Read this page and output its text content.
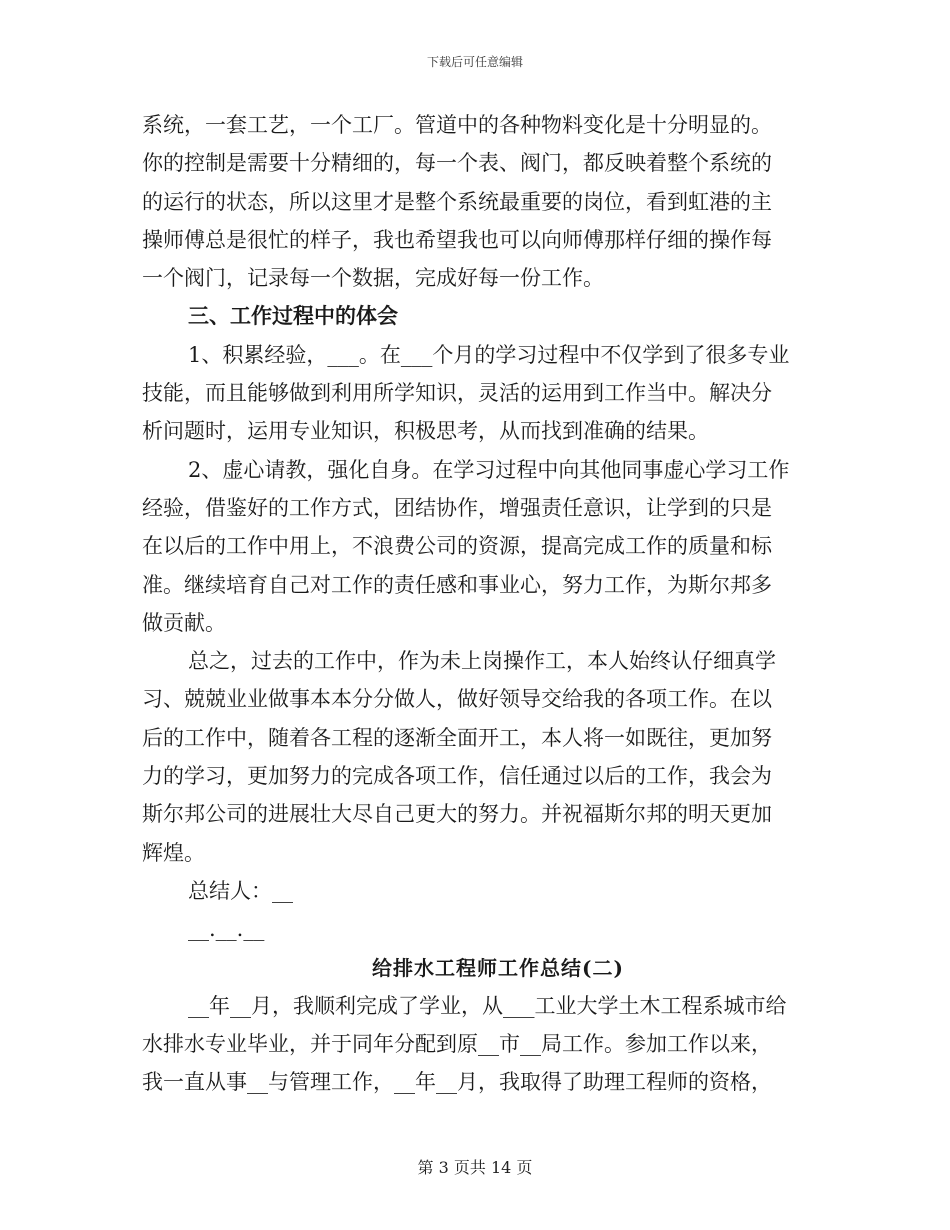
下载后可任意编辑
系统，一套工艺，一个工厂。管道中的各种物料变化是十分明显的。
你的控制是需要十分精细的，每一个表、阀门，都反映着整个系统的
的运行的状态，所以这里才是整个系统最重要的岗位，看到虹港的主
操师傅总是很忙的样子，我也希望我也可以向师傅那样仔细的操作每
一个阀门，记录每一个数据，完成好每一份工作。
三、工作过程中的体会
1、积累经验，___。在___个月的学习过程中不仅学到了很多专业
技能，而且能够做到利用所学知识，灵活的运用到工作当中。解决分
析问题时，运用专业知识，积极思考，从而找到准确的结果。
2、虚心请教，强化自身。在学习过程中向其他同事虚心学习工作
经验，借鉴好的工作方式，团结协作，增强责任意识，让学到的只是
在以后的工作中用上，不浪费公司的资源，提高完成工作的质量和标
准。继续培育自己对工作的责任感和事业心，努力工作，为斯尔邦多
做贡献。
总之，过去的工作中，作为未上岗操作工，本人始终认仔细真学
习、兢兢业业做事本本分分做人，做好领导交给我的各项工作。在以
后的工作中，随着各工程的逐渐全面开工，本人将一如既往，更加努
力的学习，更加努力的完成各项工作，信任通过以后的工作，我会为
斯尔邦公司的进展壮大尽自己更大的努力。并祝福斯尔邦的明天更加
辉煌。
总结人：__
__.__.__
给排水工程师工作总结(二)
__年__月，我顺利完成了学业，从___工业大学土木工程系城市给
水排水专业毕业，并于同年分配到原__市__局工作。参加工作以来，
我一直从事__与管理工作，__年__月，我取得了助理工程师的资格，
第 3 页共 14 页
